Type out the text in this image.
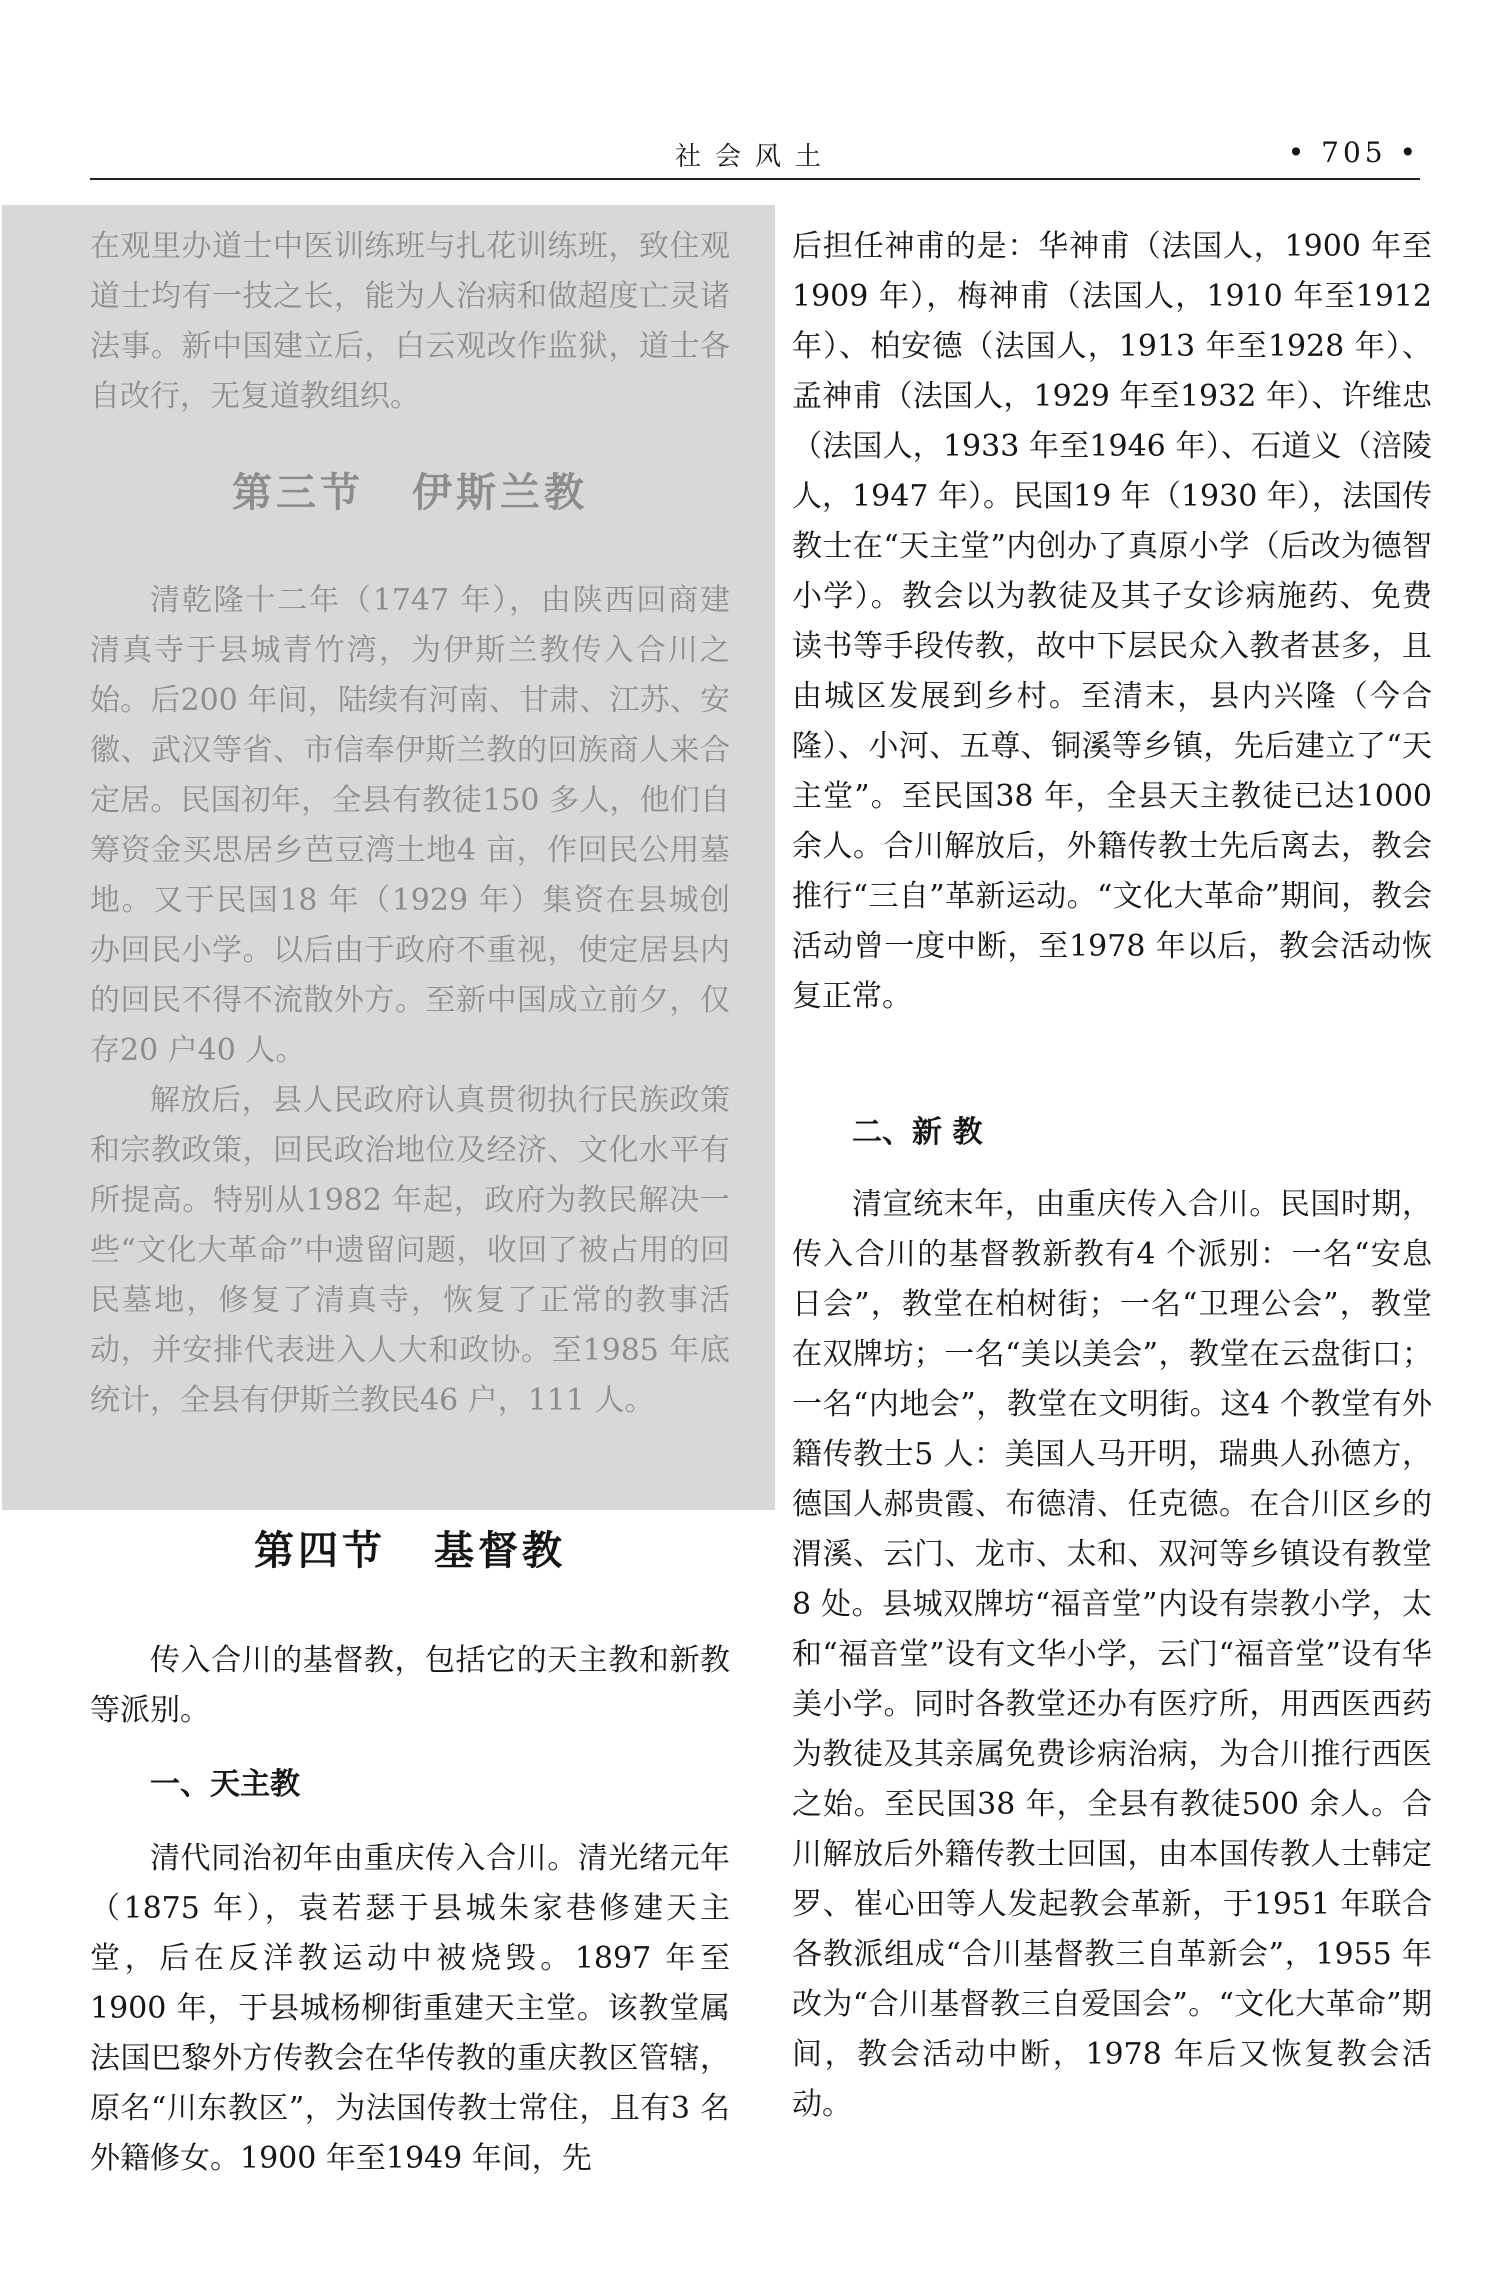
社会风土	• 705 •

在观里办道士中医训练班与扎花训练班，致住观道士均有一技之长，能为人治病和做超度亡灵诸法事。新中国建立后，白云观改作监狱，道士各自改行，无复道教组织。

第三节 伊斯兰教

清乾隆十二年（1747 年），由陕西回商建清真寺于县城青竹湾，为伊斯兰教传入合川之始。后200 年间，陆续有河南、甘肃、江苏、安徽、武汉等省、市信奉伊斯兰教的回族商人来合定居。民国初年，全县有教徒150 多人，他们自筹资金买思居乡芭豆湾土地4 亩，作回民公用墓地。又于民国18 年（1929 年）集资在县城创办回民小学。以后由于政府不重视，使定居县内的回民不得不流散外方。至新中国成立前夕，仅存20 户40 人。

解放后，县人民政府认真贯彻执行民族政策和宗教政策，回民政治地位及经济、文化水平有所提高。特别从1982 年起，政府为教民解决一些“文化大革命”中遗留问题，收回了被占用的回民墓地，修复了清真寺，恢复了正常的教事活动，并安排代表进入人大和政协。至1985 年底统计，全县有伊斯兰教民46 户，111 人。

第四节 基督教

传入合川的基督教，包括它的天主教和新教等派别。

一、天主教

清代同治初年由重庆传入合川。清光绪元年（1875 年），袁若瑟于县城朱家巷修建天主堂，后在反洋教运动中被烧毁。1897 年至1900 年，于县城杨柳街重建天主堂。该教堂属法国巴黎外方传教会在华传教的重庆教区管辖，原名“川东教区”，为法国传教士常住，且有3 名外籍修女。1900 年至1949 年间，先

后担任神甫的是：华神甫（法国人，1900 年至1909 年），梅神甫（法国人，1910 年至1912 年）、柏安德（法国人，1913 年至1928 年）、孟神甫（法国人，1929 年至1932 年）、许维忠（法国人，1933 年至1946 年）、石道义（涪陵人，1947 年）。民国19 年（1930 年），法国传教士在“天主堂”内创办了真原小学（后改为德智小学）。教会以为教徒及其子女诊病施药、免费读书等手段传教，故中下层民众入教者甚多，且由城区发展到乡村。至清末，县内兴隆（今合隆）、小河、五尊、铜溪等乡镇，先后建立了“天主堂”。至民国38 年，全县天主教徒已达1000 余人。合川解放后，外籍传教士先后离去，教会推行“三自”革新运动。“文化大革命”期间，教会活动曾一度中断，至1978 年以后，教会活动恢复正常。

二、新 教

清宣统末年，由重庆传入合川。民国时期，传入合川的基督教新教有4 个派别：一名“安息日会”，教堂在柏树街；一名“卫理公会”，教堂在双牌坊；一名“美以美会”，教堂在云盘街口；一名“内地会”，教堂在文明街。这4 个教堂有外籍传教士5 人：美国人马开明，瑞典人孙德方，德国人郝贵霞、布德清、任克德。在合川区乡的渭溪、云门、龙市、太和、双河等乡镇设有教堂8 处。县城双牌坊“福音堂”内设有崇教小学，太和“福音堂”设有文华小学，云门“福音堂”设有华美小学。同时各教堂还办有医疗所，用西医西药为教徒及其亲属免费诊病治病，为合川推行西医之始。至民国38 年，全县有教徒500 余人。合川解放后外籍传教士回国，由本国传教人士韩定罗、崔心田等人发起教会革新，于1951 年联合各教派组成“合川基督教三自革新会”，1955 年改为“合川基督教三自爱国会”。“文化大革命”期间，教会活动中断，1978 年后又恢复教会活动。
